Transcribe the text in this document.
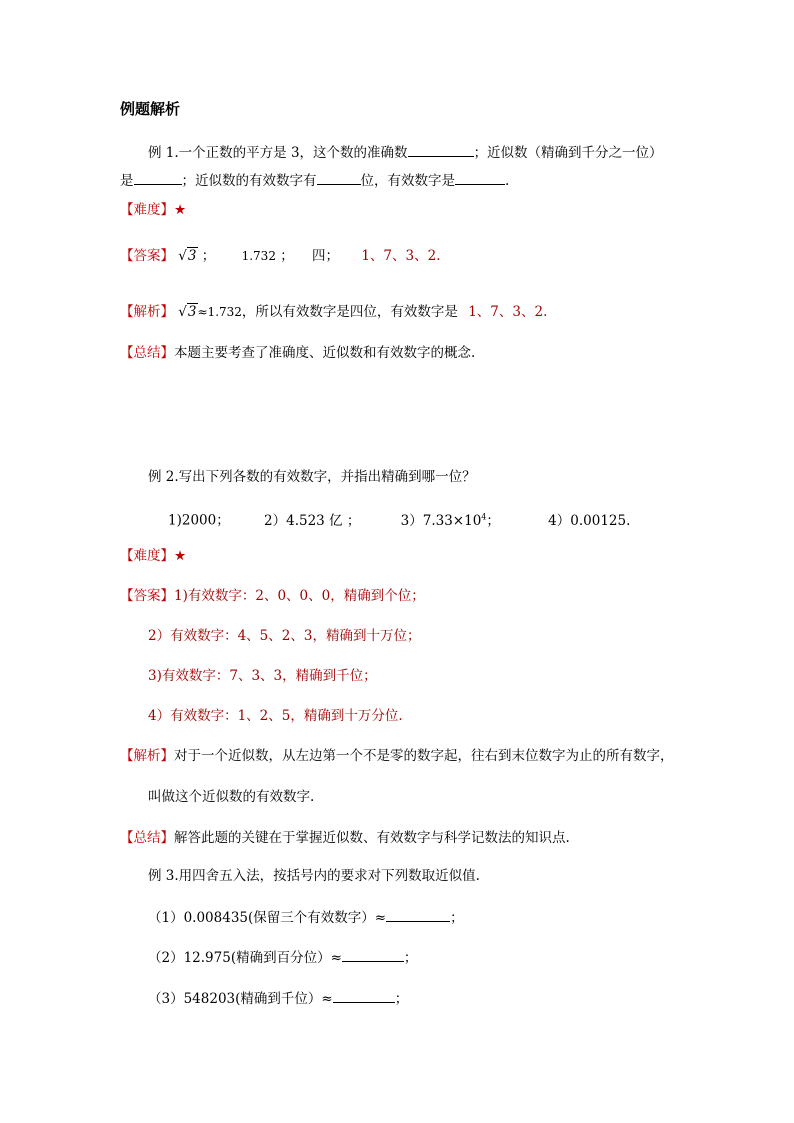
例题解析
例 1.一个正数的平方是 3，这个数的准确数	；近似数（精确到千分之一位）
是	；近似数的有效数字有	位，有效数字是	.
【难度】★
【答案】 √3 ； 1.732 ； 四； 1、7、3、2.
【解析】 √3≈1.732，所以有效数字是四位，有效数字是 1、7、3、2.
【总结】本题主要考查了准确度、近似数和有效数字的概念.
例 2.写出下列各数的有效数字，并指出精确到哪一位？
1)2000；	2）4.523 亿 ；	$3)7.33\times 10^4$；	4）0.00125.
【难度】★
【答案】1)有效数字：2、0、0、0，精确到个位；
2）有效数字：4、5、2、3，精确到十万位；
3)有效数字：7、3、3，精确到千位；
4）有效数字：1、2、5，精确到十万分位.
【解析】对于一个近似数，从左边第一个不是零的数字起，往右到末位数字为止的所有数字，
叫做这个近似数的有效数字.
【总结】解答此题的关键在于掌握近似数、有效数字与科学记数法的知识点.
例 3.用四舍五入法，按括号内的要求对下列数取近似值.
（1）0.008435(保留三个有效数字）≈	；
（2）12.975(精确到百分位）≈	；
（3）548203(精确到千位）≈	；
